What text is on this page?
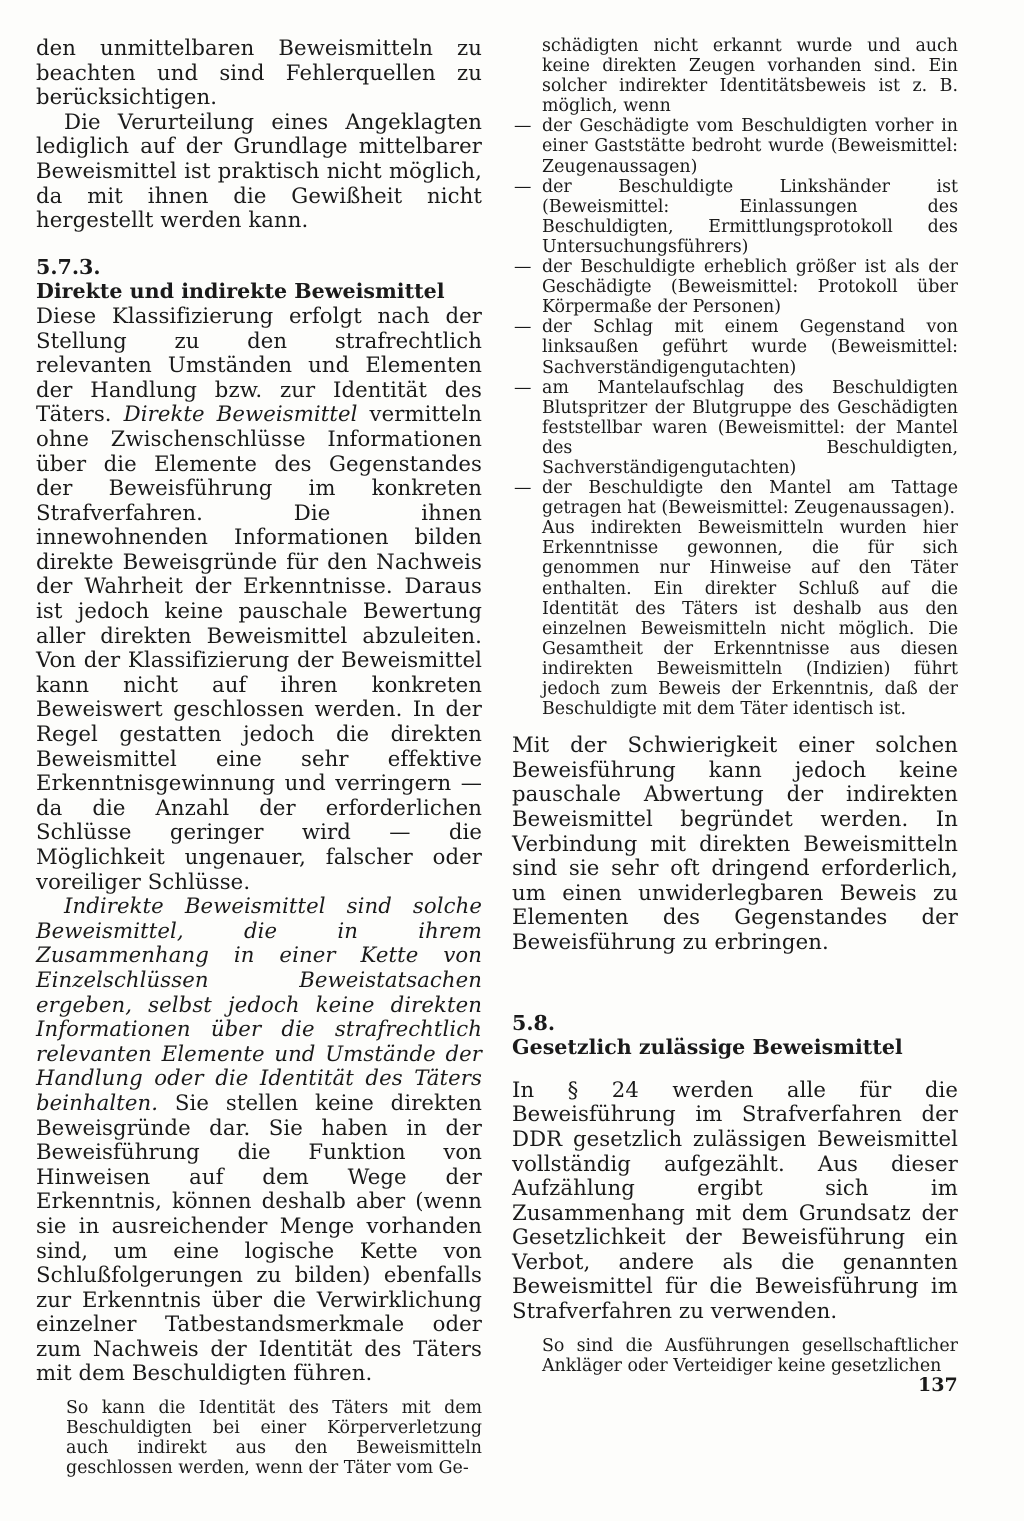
den unmittelbaren Beweismitteln zu beachten und sind Fehlerquellen zu berücksichtigen.

Die Verurteilung eines Angeklagten lediglich auf der Grundlage mittelbarer Beweismittel ist praktisch nicht möglich, da mit ihnen die Gewißheit nicht hergestellt werden kann.

5.7.3.

Direkte und indirekte Beweismittel

Diese Klassifizierung erfolgt nach der Stellung zu den strafrechtlich relevanten Umständen und Elementen der Handlung bzw. zur Identität des Täters. Direkte Beweismittel vermitteln ohne Zwischenschlüsse Informationen über die Elemente des Gegenstandes der Beweisführung im konkreten Strafverfahren. Die ihnen innewohnenden Informationen bilden direkte Beweisgründe für den Nachweis der Wahrheit der Erkenntnisse. Daraus ist jedoch keine pauschale Bewertung aller direkten Beweismittel abzuleiten. Von der Klassifizierung der Beweismittel kann nicht auf ihren konkreten Beweiswert geschlossen werden. In der Regel gestatten jedoch die direkten Beweismittel eine sehr effektive Erkenntnisgewinnung und verringern — da die Anzahl der erforderlichen Schlüsse geringer wird — die Möglichkeit ungenauer, falscher oder voreiliger Schlüsse.

Indirekte Beweismittel sind solche Beweismittel, die in ihrem Zusammenhang in einer Kette von Einzelschlüssen Beweistatsachen ergeben, selbst jedoch keine direkten Informationen über die strafrechtlich relevanten Elemente und Umstände der Handlung oder die Identität des Täters beinhalten. Sie stellen keine direkten Beweisgründe dar. Sie haben in der Beweisführung die Funktion von Hinweisen auf dem Wege der Erkenntnis, können deshalb aber (wenn sie in ausreichender Menge vorhanden sind, um eine logische Kette von Schlußfolgerungen zu bilden) ebenfalls zur Erkenntnis über die Verwirklichung einzelner Tatbestandsmerkmale oder zum Nachweis der Identität des Täters mit dem Beschuldigten führen.

So kann die Identität des Täters mit dem Beschuldigten bei einer Körperverletzung auch indirekt aus den Beweismitteln geschlossen werden, wenn der Täter vom Ge-

schädigten nicht erkannt wurde und auch keine direkten Zeugen vorhanden sind. Ein solcher indirekter Identitätsbeweis ist z. B. möglich, wenn

— der Geschädigte vom Beschuldigten vorher in einer Gaststätte bedroht wurde (Beweismittel: Zeugenaussagen)
— der Beschuldigte Linkshänder ist (Beweismittel: Einlassungen des Beschuldigten, Ermittlungsprotokoll des Untersuchungsführers)
— der Beschuldigte erheblich größer ist als der Geschädigte (Beweismittel: Protokoll über Körpermaße der Personen)
— der Schlag mit einem Gegenstand von linksaußen geführt wurde (Beweismittel: Sachverständigengutachten)
— am Mantelaufschlag des Beschuldigten Blutspritzer der Blutgruppe des Geschädigten feststellbar waren (Beweismittel: der Mantel des Beschuldigten, Sachverständigengutachten)
— der Beschuldigte den Mantel am Tattage getragen hat (Beweismittel: Zeugenaussagen).

Aus indirekten Beweismitteln wurden hier Erkenntnisse gewonnen, die für sich genommen nur Hinweise auf den Täter enthalten. Ein direkter Schluß auf die Identität des Täters ist deshalb aus den einzelnen Beweismitteln nicht möglich. Die Gesamtheit der Erkenntnisse aus diesen indirekten Beweismitteln (Indizien) führt jedoch zum Beweis der Erkenntnis, daß der Beschuldigte mit dem Täter identisch ist.

Mit der Schwierigkeit einer solchen Beweisführung kann jedoch keine pauschale Abwertung der indirekten Beweismittel begründet werden. In Verbindung mit direkten Beweismitteln sind sie sehr oft dringend erforderlich, um einen unwiderlegbaren Beweis zu Elementen des Gegenstandes der Beweisführung zu erbringen.

5.8.

Gesetzlich zulässige Beweismittel

In § 24 werden alle für die Beweisführung im Strafverfahren der DDR gesetzlich zulässigen Beweismittel vollständig aufgezählt. Aus dieser Aufzählung ergibt sich im Zusammenhang mit dem Grundsatz der Gesetzlichkeit der Beweisführung ein Verbot, andere als die genannten Beweismittel für die Beweisführung im Strafverfahren zu verwenden.

So sind die Ausführungen gesellschaftlicher Ankläger oder Verteidiger keine gesetzlichen

137
